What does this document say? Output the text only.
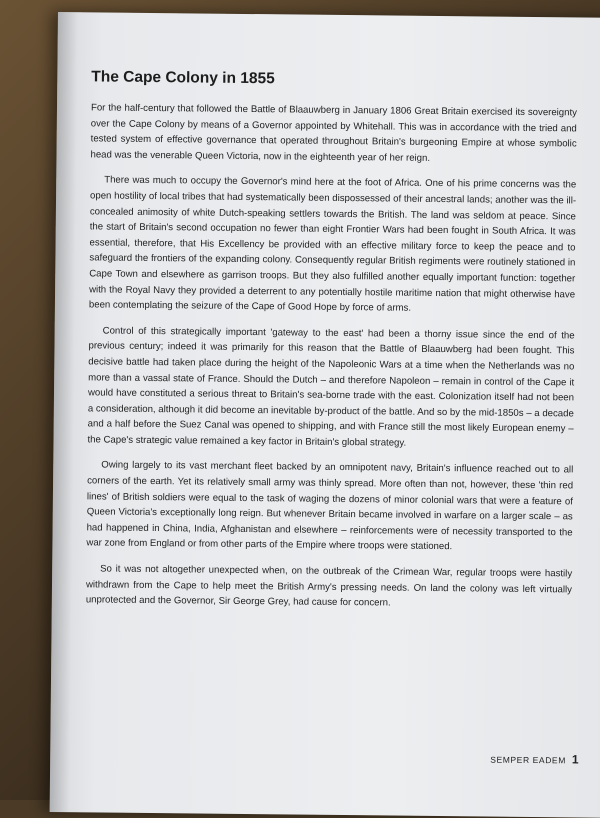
The Cape Colony in 1855

For the half-century that followed the Battle of Blaauwberg in January 1806 Great Britain exercised its sovereignty over the Cape Colony by means of a Governor appointed by Whitehall. This was in accordance with the tried and tested system of effective governance that operated throughout Britain's burgeoning Empire at whose symbolic head was the venerable Queen Victoria, now in the eighteenth year of her reign.

There was much to occupy the Governor's mind here at the foot of Africa. One of his prime concerns was the open hostility of local tribes that had systematically been dispossessed of their ancestral lands; another was the ill-concealed animosity of white Dutch-speaking settlers towards the British. The land was seldom at peace. Since the start of Britain's second occupation no fewer than eight Frontier Wars had been fought in South Africa. It was essential, therefore, that His Excellency be provided with an effective military force to keep the peace and to safeguard the frontiers of the expanding colony. Consequently regular British regiments were routinely stationed in Cape Town and elsewhere as garrison troops. But they also fulfilled another equally important function: together with the Royal Navy they provided a deterrent to any potentially hostile maritime nation that might otherwise have been contemplating the seizure of the Cape of Good Hope by force of arms.

Control of this strategically important 'gateway to the east' had been a thorny issue since the end of the previous century; indeed it was primarily for this reason that the Battle of Blaauwberg had been fought. This decisive battle had taken place during the height of the Napoleonic Wars at a time when the Netherlands was no more than a vassal state of France. Should the Dutch – and therefore Napoleon – remain in control of the Cape it would have constituted a serious threat to Britain's sea-borne trade with the east. Colonization itself had not been a consideration, although it did become an inevitable by-product of the battle. And so by the mid-1850s – a decade and a half before the Suez Canal was opened to shipping, and with France still the most likely European enemy – the Cape's strategic value remained a key factor in Britain's global strategy.

Owing largely to its vast merchant fleet backed by an omnipotent navy, Britain's influence reached out to all corners of the earth. Yet its relatively small army was thinly spread. More often than not, however, these 'thin red lines' of British soldiers were equal to the task of waging the dozens of minor colonial wars that were a feature of Queen Victoria's exceptionally long reign. But whenever Britain became involved in warfare on a larger scale – as had happened in China, India, Afghanistan and elsewhere – reinforcements were of necessity transported to the war zone from England or from other parts of the Empire where troops were stationed.

So it was not altogether unexpected when, on the outbreak of the Crimean War, regular troops were hastily withdrawn from the Cape to help meet the British Army's pressing needs. On land the colony was left virtually unprotected and the Governor, Sir George Grey, had cause for concern.

SEMPER EADEM 1
